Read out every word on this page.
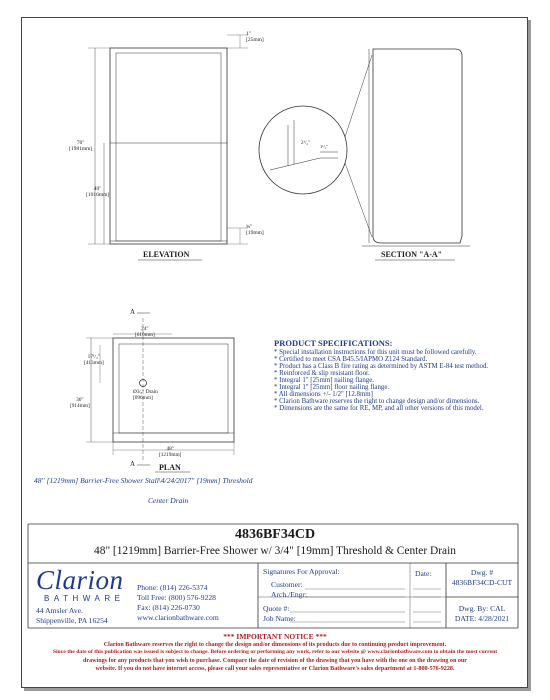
1"
[25mm]
76"
[1981mm]
40"
[1016mm]
¾"
[19mm]
ELEVATION	SECTION "A-A"
2¹/₂"
1¹/₂"
A
A
24"
[610mm]
17¹/₂"
[413mm]
36"
[914mm]
Ø3⁄₈" Drain
[096mm]
48"
[1219mm]
PLAN
48" [1219mm] Barrier-Free Shower Stall\4/24/2017" [19mm] Threshold
Center Drain
PRODUCT SPECIFICATIONS:
* Special installation instructions for this unit must be followed carefully.
* Certified to meet CSA B45.5/IAPMO Z124 Standard.
* Product has a Class B fire rating as determined by ASTM E-84 test method.
* Reinforced & slip resistant floor.
* Integral 1" [25mm] nailing flange.
* Integral 1" [25mm] floor nailing flange.
* All dimensions +/- 1/2" [12.8mm]
* Clarion Bathware reserves the right to change design and/or dimensions.
* Dimensions are the same for RE, MP, and all other versions of this model.
4836BF34CD
48" [1219mm] Barrier-Free Shower w/ 3/4" [19mm] Threshold & Center Drain
Clarion
BATHWARE
44 Amsler Ave.
Shippenville, PA 16254
Phone: (814) 226-5374
Toll Free: (800) 576-9228
Fax: (814) 226-0730
www.clarionbathware.com
Signatures For Approval:
Customer:
Arch./Engr:
Quote #:
Job Name:
Date:	Dwg. #
4836BF34CD-CUT
Dwg. By: CAL
DATE: 4/28/2021
*** IMPORTANT NOTICE ***
Clarion Bathware reserves the right to change the design and/or dimensions of its products due to continuing product improvement.
Since the date of this publication was issued is subject to change. Before ordering or performing any work, refer to our website @ www.clarionbathware.com to obtain the most current
drawings for any products that you wish to purchase. Compare the date of revision of the drawing that you have with the one on the drawing on our
website. If you do not have internet access, please call your sales representative or Clarion Bathware's sales department at 1-800-576-9228.
